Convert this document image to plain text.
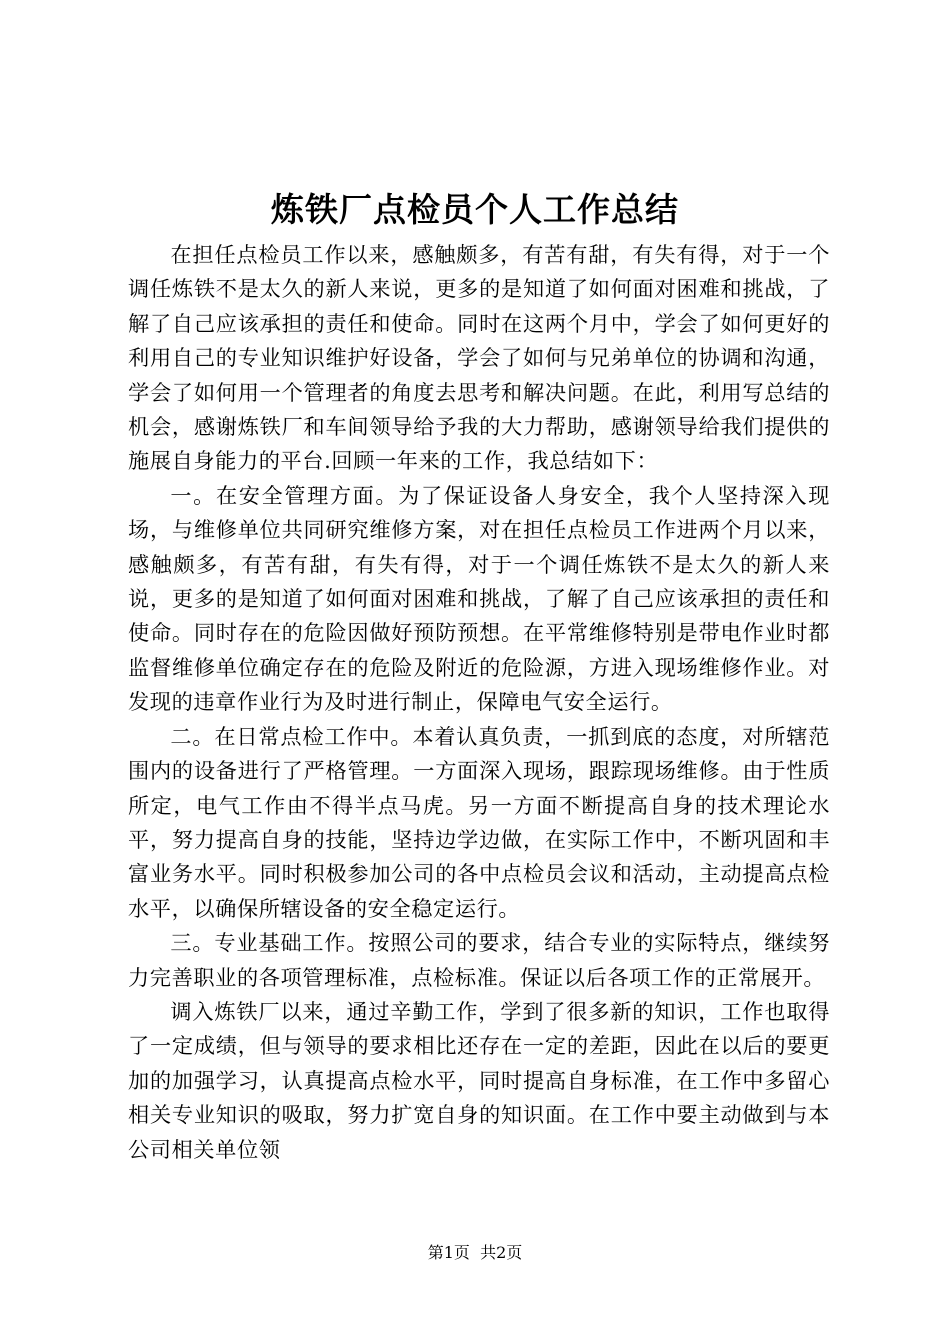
炼铁厂点检员个人工作总结

在担任点检员工作以来，感触颇多，有苦有甜，有失有得，对于一个调任炼铁不是太久的新人来说，更多的是知道了如何面对困难和挑战，了解了自己应该承担的责任和使命。同时在这两个月中，学会了如何更好的利用自己的专业知识维护好设备，学会了如何与兄弟单位的协调和沟通，学会了如何用一个管理者的角度去思考和解决问题。在此，利用写总结的机会，感谢炼铁厂和车间领导给予我的大力帮助，感谢领导给我们提供的施展自身能力的平台.回顾一年来的工作，我总结如下：

一。在安全管理方面。为了保证设备人身安全，我个人坚持深入现场，与维修单位共同研究维修方案，对在担任点检员工作进两个月以来，感触颇多，有苦有甜，有失有得，对于一个调任炼铁不是太久的新人来说，更多的是知道了如何面对困难和挑战，了解了自己应该承担的责任和使命。同时存在的危险因做好预防预想。在平常维修特别是带电作业时都监督维修单位确定存在的危险及附近的危险源，方进入现场维修作业。对发现的违章作业行为及时进行制止，保障电气安全运行。

二。在日常点检工作中。本着认真负责，一抓到底的态度，对所辖范围内的设备进行了严格管理。一方面深入现场，跟踪现场维修。由于性质所定，电气工作由不得半点马虎。另一方面不断提高自身的技术理论水平，努力提高自身的技能，坚持边学边做，在实际工作中，不断巩固和丰富业务水平。同时积极参加公司的各中点检员会议和活动，主动提高点检水平，以确保所辖设备的安全稳定运行。

三。专业基础工作。按照公司的要求，结合专业的实际特点，继续努力完善职业的各项管理标准，点检标准。保证以后各项工作的正常展开。

调入炼铁厂以来，通过辛勤工作，学到了很多新的知识，工作也取得了一定成绩，但与领导的要求相比还存在一定的差距，因此在以后的要更加的加强学习，认真提高点检水平，同时提高自身标准，在工作中多留心相关专业知识的吸取，努力扩宽自身的知识面。在工作中要主动做到与本公司相关单位领

第1页  共2页
